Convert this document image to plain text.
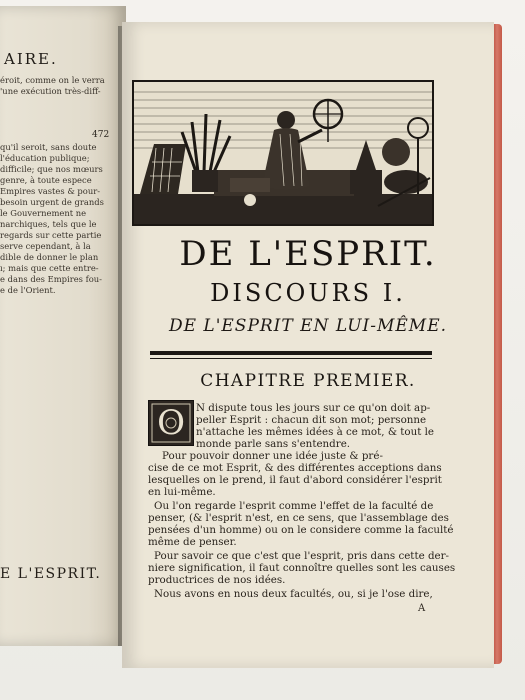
AIRE.
éroit, comme on le verra
'une exécution très-diff-
472
qu'il seroit, sans doute
l'éducation publique;
difficile; que nos mœurs
genre, à toute espece
Empires vastes & pour-
besoin urgent de grands
le Gouvernement ne
narchiques, tels que le
regards sur cette partie
serve cependant, à la
dible de donner le plan
ı; mais que cette entre-
e dans des Empires fou-
e de l'Orient.
E L'ESPRIT.
DE L'ESPRIT.
DISCOURS I.
DE L'ESPRIT EN LUI-MÊME.
CHAPITRE PREMIER.
O	N dispute tous les jours sur ce qu'on doit ap-
peller Esprit : chacun dit son mot; personne
n'attache les mêmes idées à ce mot, & tout le
monde parle sans s'entendre.
Pour pouvoir donner une idée juste & pré-
cise de ce mot Esprit, & des différentes acceptions dans
lesquelles on le prend, il faut d'abord considérer l'esprit
en lui-même.
Ou l'on regarde l'esprit comme l'effet de la faculté de
penser, (& l'esprit n'est, en ce sens, que l'assemblage des
pensées d'un homme) ou on le considere comme la faculté
même de penser.
Pour savoir ce que c'est que l'esprit, pris dans cette der-
niere signification, il faut connoître quelles sont les causes
productrices de nos idées.
Nous avons en nous deux facultés, ou, si je l'ose dire,
A
